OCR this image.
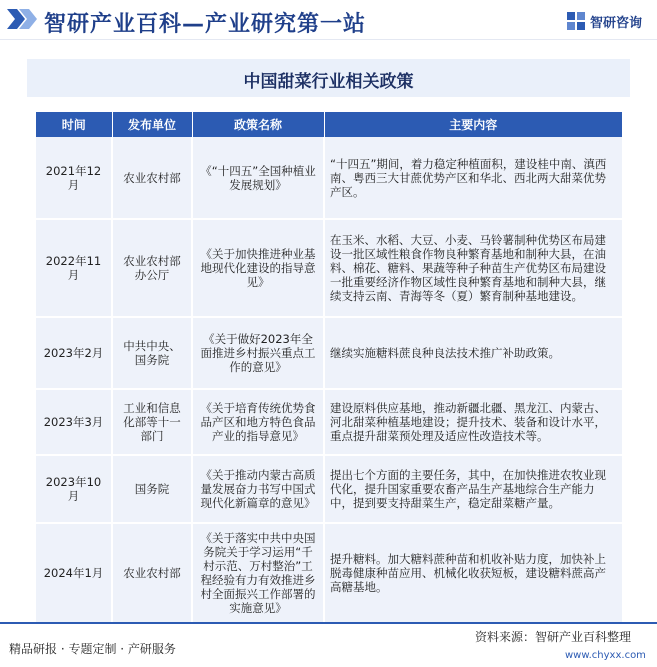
智研产业百科—产业研究第一站	智研咨询
中国甜菜行业相关政策
时间	发布单位	政策名称	主要内容
2021年12月	农业农村部	《“十四五”全国种植业发展规划》	“十四五”期间，着力稳定种植面积，建设桂中南、滇西南、粤西三大甘蔗优势产区和华北、西北两大甜菜优势产区。
2022年11月	农业农村部办公厅	《关于加快推进种业基地现代化建设的指导意见》	在玉米、水稻、大豆、小麦、马铃薯制种优势区布局建设一批区域性粮食作物良种繁育基地和制种大县，在油料、棉花、糖料、果蔬等种子种苗生产优势区布局建设一批重要经济作物区域性良种繁育基地和制种大县，继续支持云南、青海等冬（夏）繁育制种基地建设。
2023年2月	中共中央、国务院	《关于做好2023年全面推进乡村振兴重点工作的意见》	继续实施糖料蔗良种良法技术推广补助政策。
2023年3月	工业和信息化部等十一部门	《关于培育传统优势食品产区和地方特色食品产业的指导意见》	建设原料供应基地，推动新疆北疆、黑龙江、内蒙古、河北甜菜种植基地建设；提升技术、装备和设计水平，重点提升甜菜预处理及适应性改造技术等。
2023年10月	国务院	《关于推动内蒙古高质量发展奋力书写中国式现代化新篇章的意见》	提出七个方面的主要任务，其中，在加快推进农牧业现代化，提升国家重要农畜产品生产基地综合生产能力中，提到要支持甜菜生产，稳定甜菜糖产量。
2024年1月	农业农村部	《关于落实中共中央国务院关于学习运用“千村示范、万村整治”工程经验有力有效推进乡村全面振兴工作部署的实施意见》	提升糖料。加大糖料蔗种苗和机收补贴力度，加快补上脱毒健康种苗应用、机械化收获短板，建设糖料蔗高产高糖基地。
精品研报 · 专题定制 · 产研服务
资料来源：智研产业百科整理
www.chyxx.com
